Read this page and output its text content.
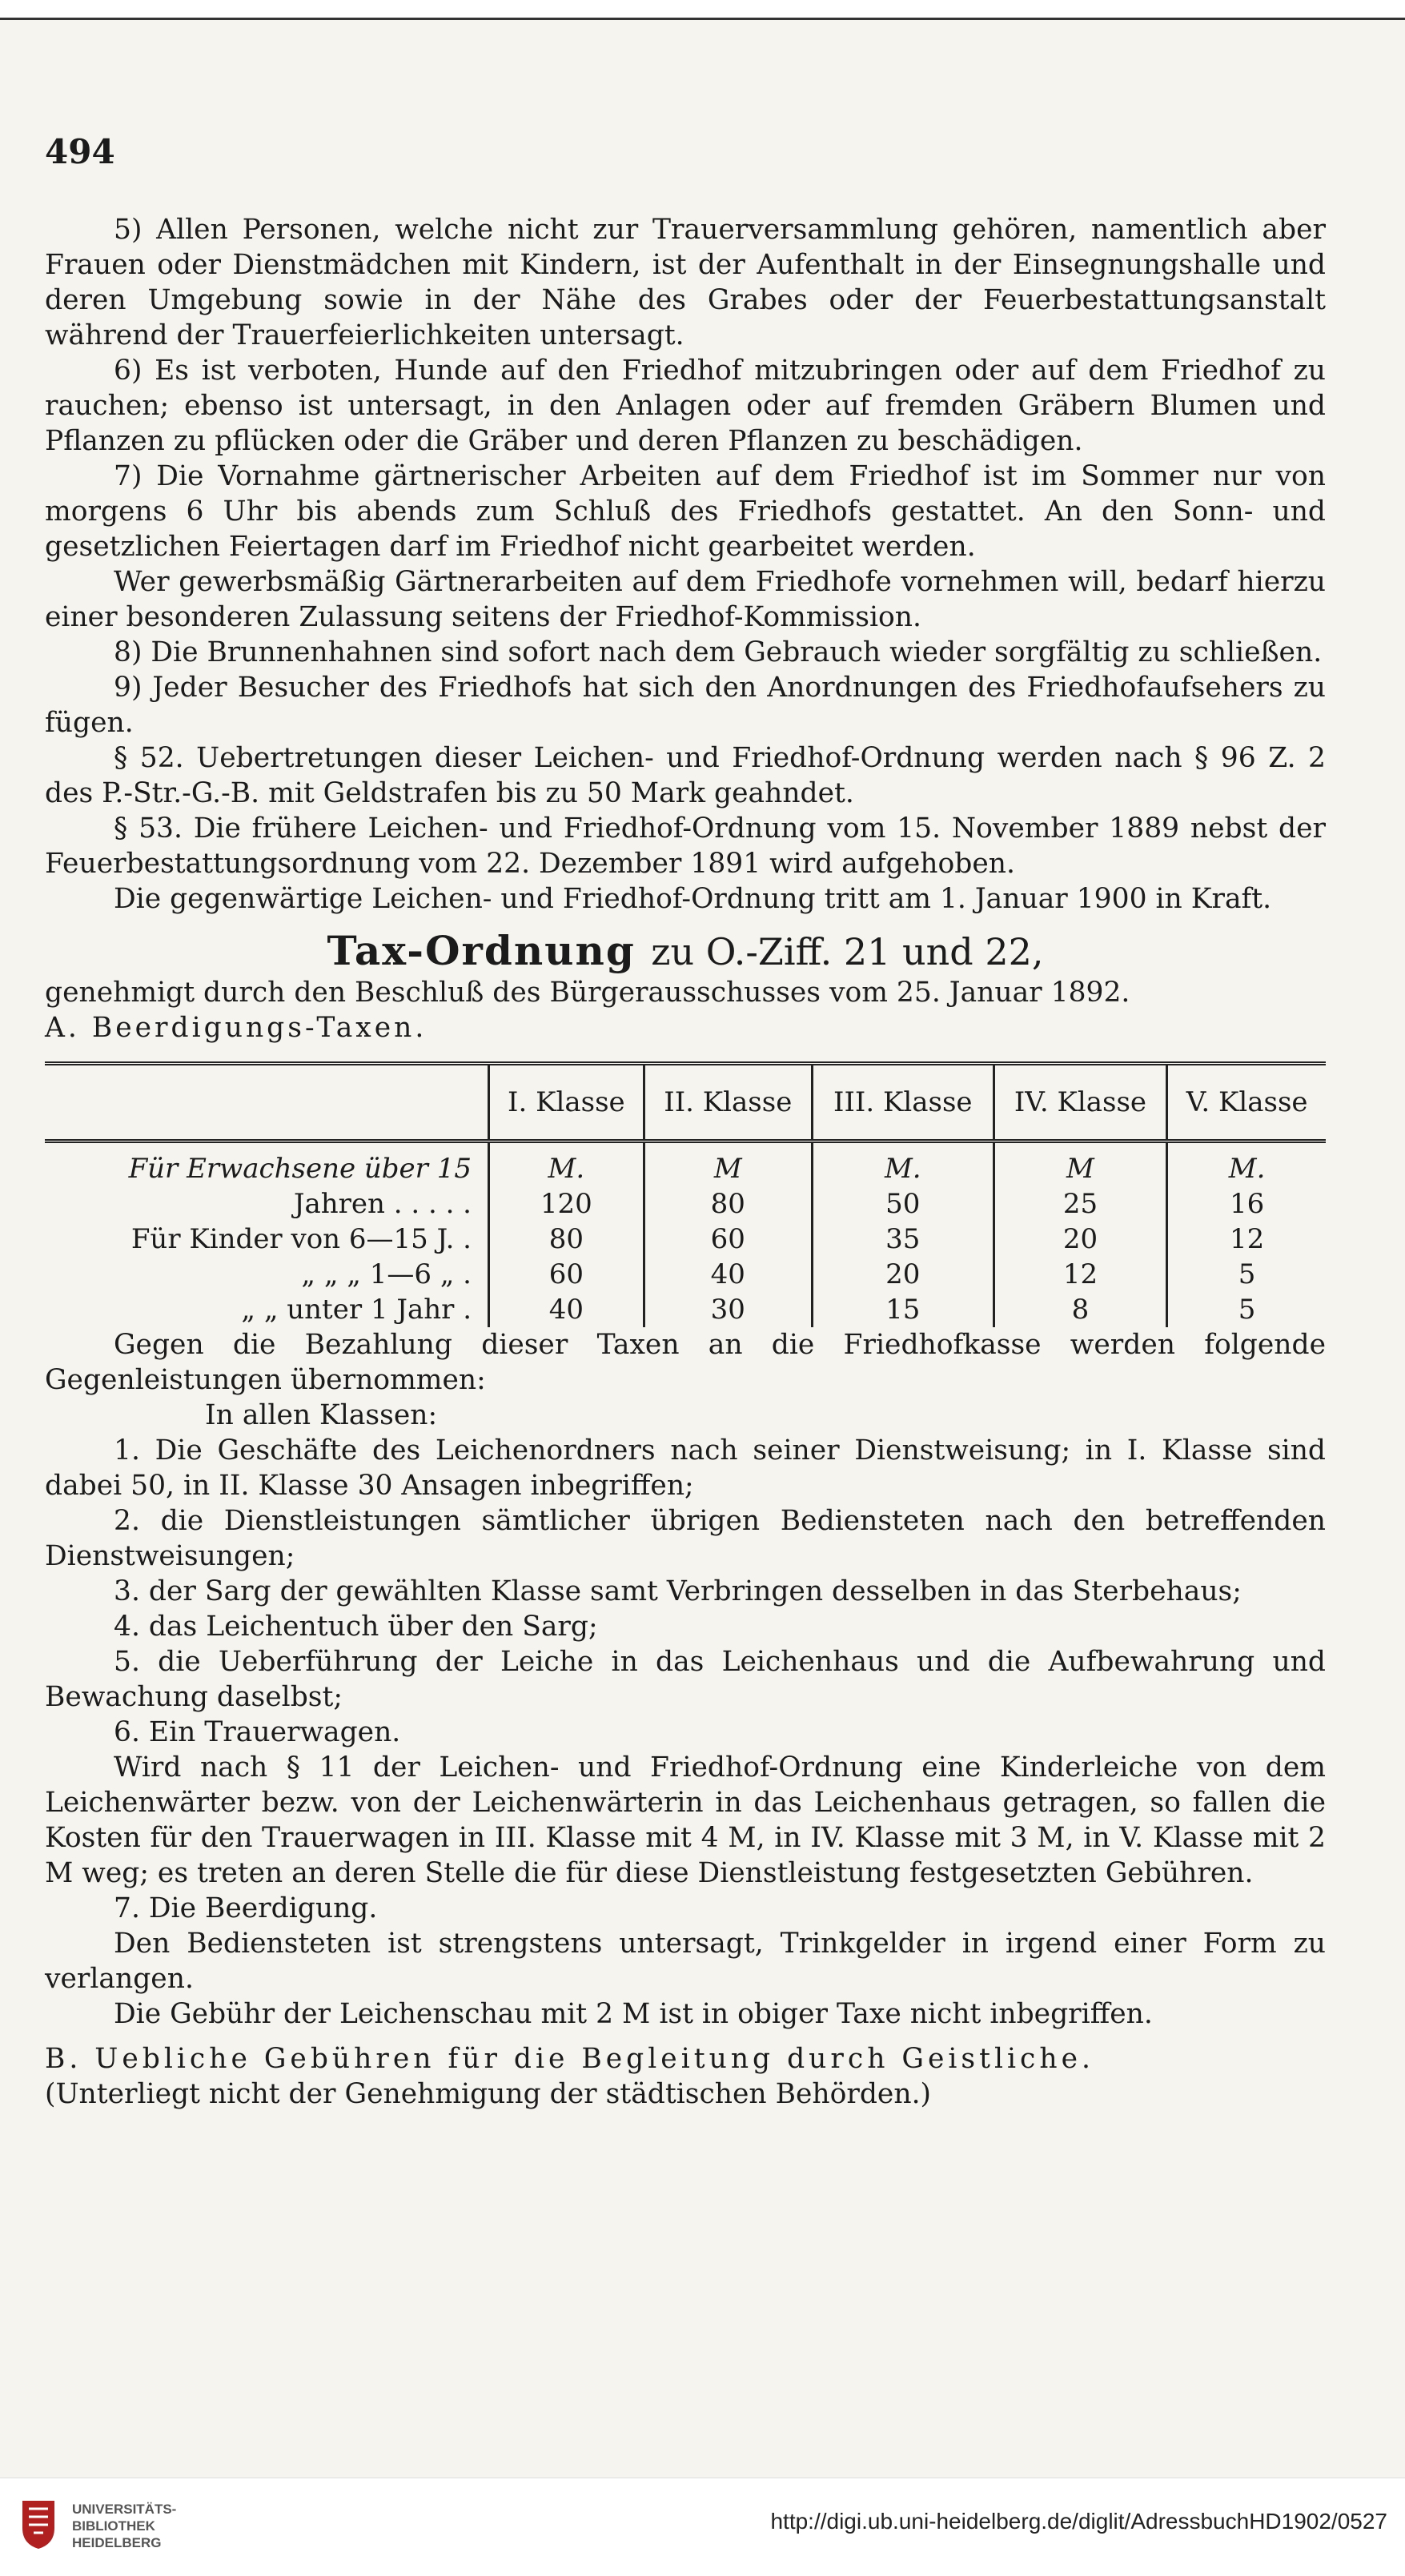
494

5) Allen Personen, welche nicht zur Trauerversammlung gehören, namentlich aber Frauen oder Dienstmädchen mit Kindern, ist der Aufenthalt in der Einsegnungshalle und deren Umgebung sowie in der Nähe des Grabes oder der Feuerbestattungsanstalt während der Trauerfeierlichkeiten untersagt.

6) Es ist verboten, Hunde auf den Friedhof mitzubringen oder auf dem Friedhof zu rauchen; ebenso ist untersagt, in den Anlagen oder auf fremden Gräbern Blumen und Pflanzen zu pflücken oder die Gräber und deren Pflanzen zu beschädigen.

7) Die Vornahme gärtnerischer Arbeiten auf dem Friedhof ist im Sommer nur von morgens 6 Uhr bis abends zum Schluß des Friedhofs gestattet. An den Sonn- und gesetzlichen Feiertagen darf im Friedhof nicht gearbeitet werden.

Wer gewerbsmäßig Gärtnerarbeiten auf dem Friedhofe vornehmen will, bedarf hierzu einer besonderen Zulassung seitens der Friedhof-Kommission.

8) Die Brunnenhahnen sind sofort nach dem Gebrauch wieder sorgfältig zu schließen.

9) Jeder Besucher des Friedhofs hat sich den Anordnungen des Friedhofaufsehers zu fügen.

§ 52. Uebertretungen dieser Leichen- und Friedhof-Ordnung werden nach § 96 Z. 2 des P.-Str.-G.-B. mit Geldstrafen bis zu 50 Mark geahndet.

§ 53. Die frühere Leichen- und Friedhof-Ordnung vom 15. November 1889 nebst der Feuerbestattungsordnung vom 22. Dezember 1891 wird aufgehoben.

Die gegenwärtige Leichen- und Friedhof-Ordnung tritt am 1. Januar 1900 in Kraft.

Tax-Ordnung zu O.-Ziff. 21 und 22,

genehmigt durch den Beschluß des Bürgerausschusses vom 25. Januar 1892.

A. Beerdigungs-Taxen.

	I. Klasse	II. Klasse	III. Klasse	IV. Klasse	V. Klasse
Für Erwachsene über 15	M.	M	M.	M	M.
Jahren . . . . .	120	80	50	25	16
Für Kinder von 6—15 J. .	80	60	35	20	12
„ „ „ 1—6 „ .	60	40	20	12	5
„ „ unter 1 Jahr .	40	30	15	8	5

Gegen die Bezahlung dieser Taxen an die Friedhofkasse werden folgende Gegenleistungen übernommen:

In allen Klassen:

1. Die Geschäfte des Leichenordners nach seiner Dienstweisung; in I. Klasse sind dabei 50, in II. Klasse 30 Ansagen inbegriffen;

2. die Dienstleistungen sämtlicher übrigen Bediensteten nach den betreffenden Dienstweisungen;

3. der Sarg der gewählten Klasse samt Verbringen desselben in das Sterbehaus;

4. das Leichentuch über den Sarg;

5. die Ueberführung der Leiche in das Leichenhaus und die Aufbewahrung und Bewachung daselbst;

6. Ein Trauerwagen.

Wird nach § 11 der Leichen- und Friedhof-Ordnung eine Kinderleiche von dem Leichenwärter bezw. von der Leichenwärterin in das Leichenhaus getragen, so fallen die Kosten für den Trauerwagen in III. Klasse mit 4 M, in IV. Klasse mit 3 M, in V. Klasse mit 2 M weg; es treten an deren Stelle die für diese Dienstleistung festgesetzten Gebühren.

7. Die Beerdigung.

Den Bediensteten ist strengstens untersagt, Trinkgelder in irgend einer Form zu verlangen.

Die Gebühr der Leichenschau mit 2 M ist in obiger Taxe nicht inbegriffen.

B. Uebliche Gebühren für die Begleitung durch Geistliche.

(Unterliegt nicht der Genehmigung der städtischen Behörden.)

UNIVERSITÄTS-
BIBLIOTHEK
HEIDELBERG
http://digi.ub.uni-heidelberg.de/diglit/AdressbuchHD1902/0527
